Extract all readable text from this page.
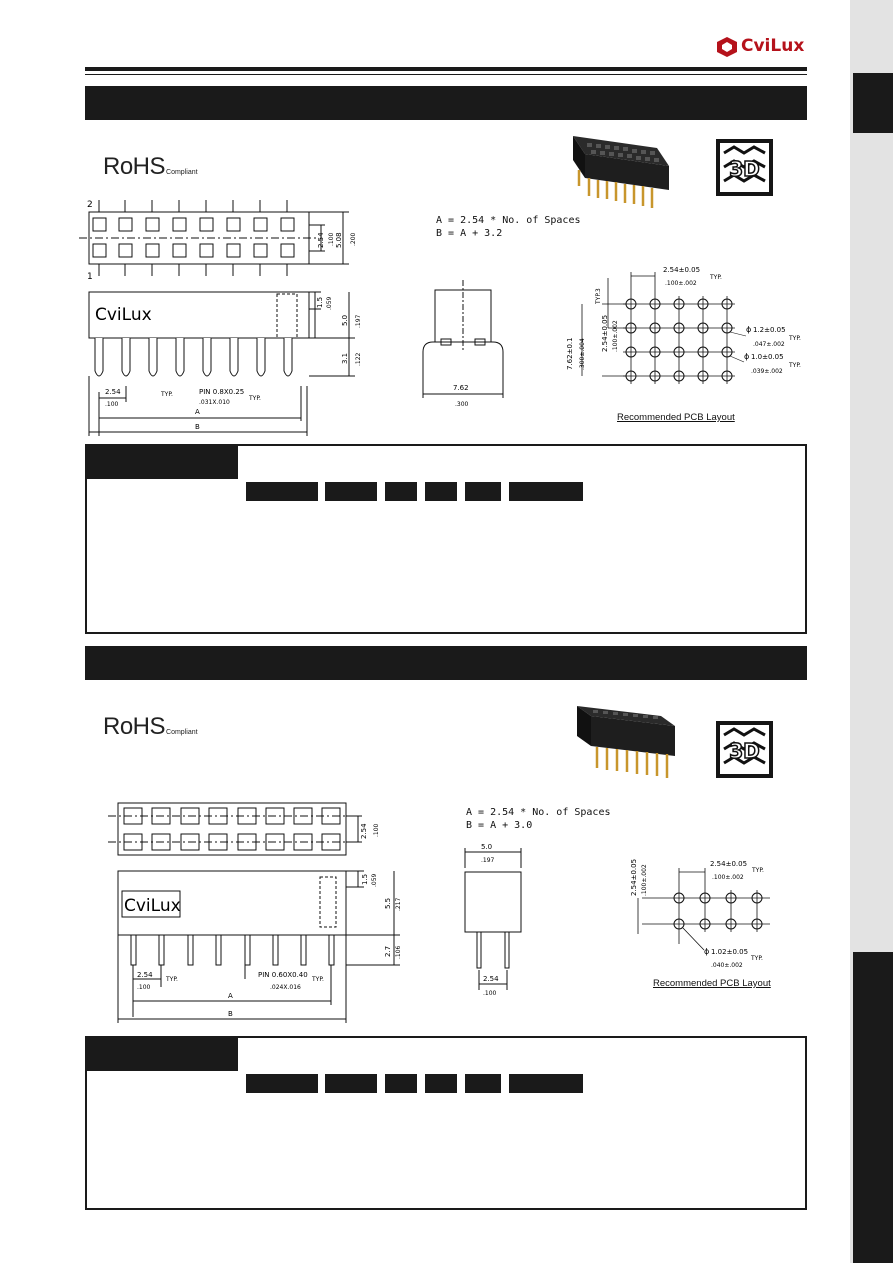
CviLux
RoHSCompliant	3D
2
1
2.54 .100 5.08 .200
CviLux
1.5 .059
5.0 .197
3.1 .122
2.54
.100
TYP.	PIN 0.8X0.25
.031X.010
TYP.
A
B
A = 2.54 * No. of Spaces
B = A + 3.2
7.62
.300
2.54±0.05
.100±.002
TYP.
TYP.3
2.54±0.05 .100±.002
7.62±0.1 .300±.004
ϕ 1.2±0.05
.047±.002
TYP.
ϕ 1.0±0.05
.039±.002
TYP.
Recommended PCB Layout
RoHSCompliant
3D
2.54 .100
CviLux
1.5 .059
5.5 .217
2.7 .106
2.54
.100
TYP.
PIN 0.60X0.40
.024X.016
TYP.
A
B
A = 2.54 * No. of Spaces
B = A + 3.0
5.0
.197
2.54
.100
2.54±0.05
.100±.002
TYP.
2.54±0.05 .100±.002
ϕ 1.02±0.05
.040±.002
TYP.
Recommended PCB Layout
